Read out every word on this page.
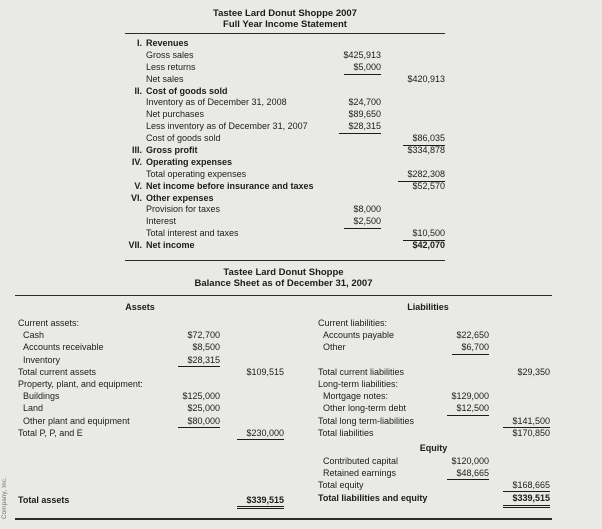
Tastee Lard Donut Shoppe 2007
Full Year Income Statement
I. Revenues
Gross sales	$425,913
Less returns	$5,000
Net sales	$420,913
II. Cost of goods sold
Inventory as of December 31, 2008	$24,700
Net purchases	$89,650
Less inventory as of December 31, 2007	$28,315
Cost of goods sold	$86,035
III. Gross profit	$334,878
IV. Operating expenses
Total operating expenses	$282,308
V. Net income before insurance and taxes	$52,570
VI. Other expenses
Provision for taxes	$8,000
Interest	$2,500
Total interest and taxes	$10,500
VII. Net income	$42,070
Tastee Lard Donut Shoppe
Balance Sheet as of December 31, 2007
Assets	Liabilities
Current assets:
Cash	$72,700
Accounts receivable	$8,500
Inventory	$28,315
Total current assets	$109,515
Property, plant, and equipment:
Buildings	$125,000
Land	$25,000
Other plant and equipment	$80,000
Total P, P, and E	$230,000
Total assets	$339,515
Current liabilities:
Accounts payable	$22,650
Other	$6,700
Total current liabilities	$29,350
Long-term liabilities:
Mortgage notes:	$129,000
Other long-term debt	$12,500
Total long term-liabilities	$141,500
Total liabilities	$170,850
Equity
Contributed capital	$120,000
Retained earnings	$48,665
Total equity	$168,665
Total liabilities and equity	$339,515
Company, Inc.
